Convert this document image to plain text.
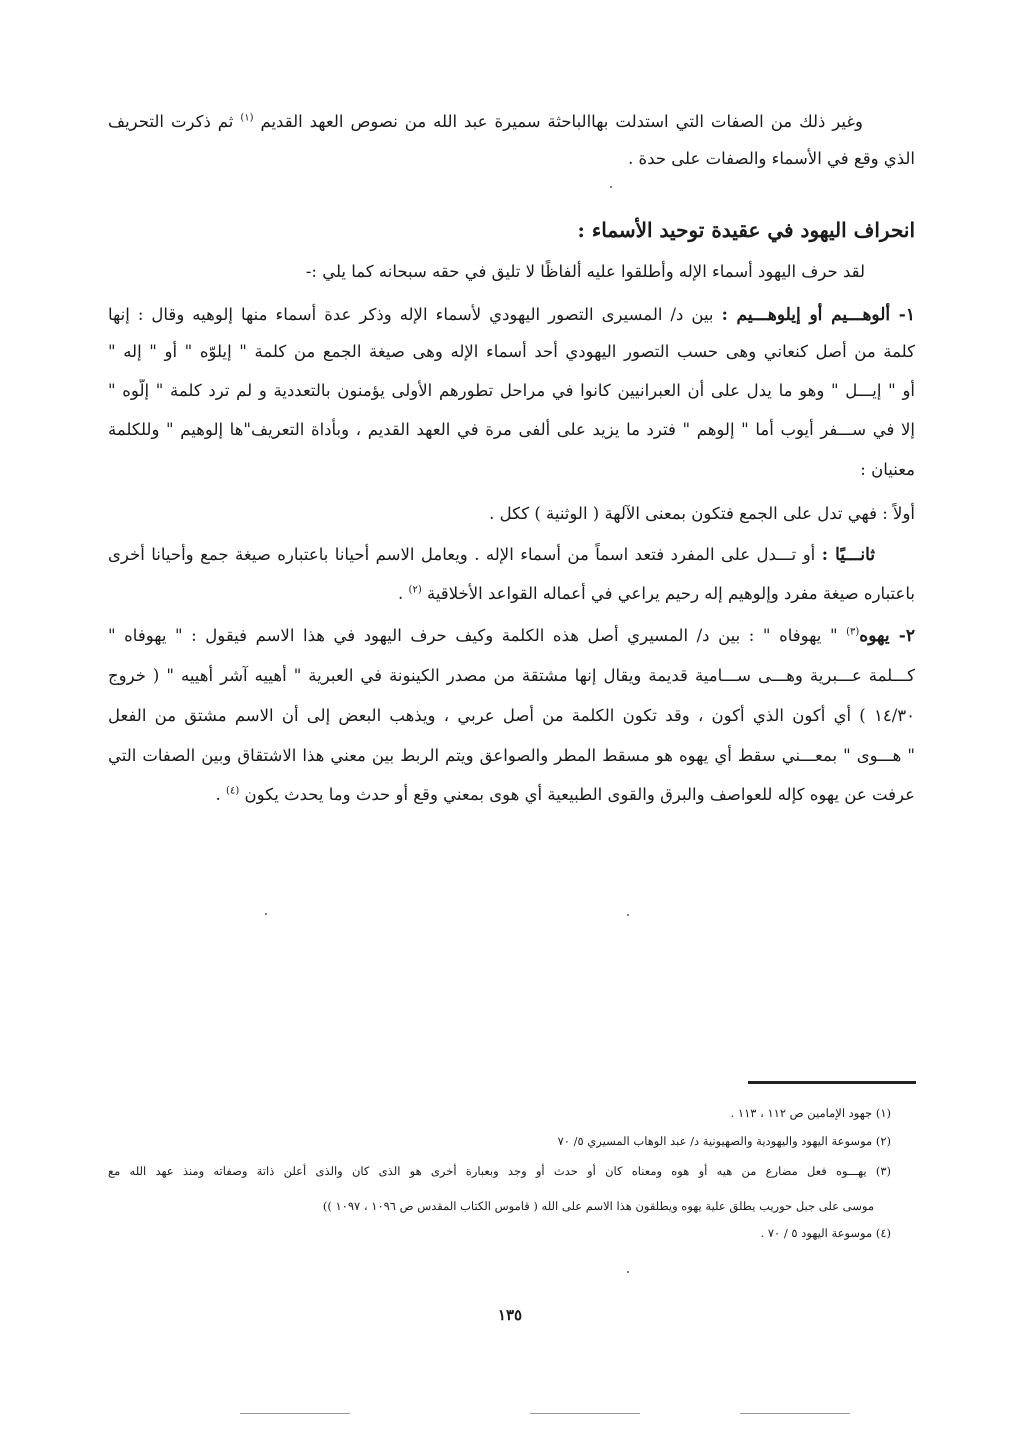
وغير ذلك من الصفات التي استدلت بهاالباحثة سميرة عبد الله من نصوص العهد القديم $^{(١)}$ ثم ذكرت التحريف
الذي وقع في الأسماء والصفات على حدة .
انحراف اليهود في عقيدة توحيد الأسماء :
لقد حرف اليهود أسماء الإله وأطلقوا عليه ألفاظًا لا تليق في حقه سبحانه كما يلي :-
١- ألوهـــيم أو إيلوهـــيم : بين د/ المسيرى التصور اليهودي لأسماء الإله وذكر عدة أسماء منها إلوهيه وقال : إنها
كلمة من أصل كنعاني وهى حسب التصور اليهودي أحد أسماء الإله وهى صيغة الجمع من كلمة " إيلوّه " أو " إله "
أو " إيـــل " وهو ما يدل على أن العبرانيين كانوا في مراحل تطورهم الأولى يؤمنون بالتعددية و لم ترد كلمة " إلّوه "
إلا في ســـفر أيوب أما " إلوهم " فترد ما يزيد على ألفى مرة في العهد القديم ، وبأداة التعريف"ها إلوهيم " وللكلمة
معنيان :
أولاً : فهي تدل على الجمع فتكون بمعنى الآلهة ( الوثنية ) ككل .
ثانـــيًا : أو تـــدل على المفرد فتعد اسماً من أسماء الإله . ويعامل الاسم أحيانا باعتباره صيغة جمع وأحيانا أخرى
باعتباره صيغة مفرد وإلوهيم إله رحيم يراعي في أعماله القواعد الأخلاقية $^{(٢)}$ .
٢- يهوه$^{(٣)}$ " يهوفاه " : بين د/ المسيري أصل هذه الكلمة وكيف حرف اليهود في هذا الاسم فيقول : " يهوفاه "
كـــلمة عـــبرية وهـــى ســـامية قديمة ويقال إنها مشتقة من مصدر الكينونة في العبرية " أهييه آشر أهييه " ( خروج
١٤/٣٠ ) أي أكون الذي أكون ، وقد تكون الكلمة من أصل عربي ، ويذهب البعض إلى أن الاسم مشتق من الفعل
" هـــوى " بمعـــني سقط أي يهوه هو مسقط المطر والصواعق ويتم الربط بين معني هذا الاشتقاق وبين الصفات التي
عرفت عن يهوه كإله للعواصف والبرق والقوى الطبيعية أي هوى بمعني وقع أو حدث وما يحدث يكون $^{(٤)}$ .
(١) جهود الإمامين ص ١١٢ ، ١١٣ .
(٢) موسوعة اليهود واليهودية والصهيونية د/ عبد الوهاب المسيري ٥/ ٧٠
(٣) يهـــوه فعل مضارع من هيه أو هوه ومعناه كان أو حدث أو وجد وبعبارة أخرى هو الذى كان والذى أعلن ذاتة وصفاته ومنذ عهد الله مع
موسى على جبل حوريب يطلق علية يهوه ويطلقون هذا الاسم على الله ( قاموس الكتاب المقدس ص ١٠٩٦ ، ١٠٩٧ ))
(٤) موسوعة اليهود ٥ / ٧٠ .
١٣٥
